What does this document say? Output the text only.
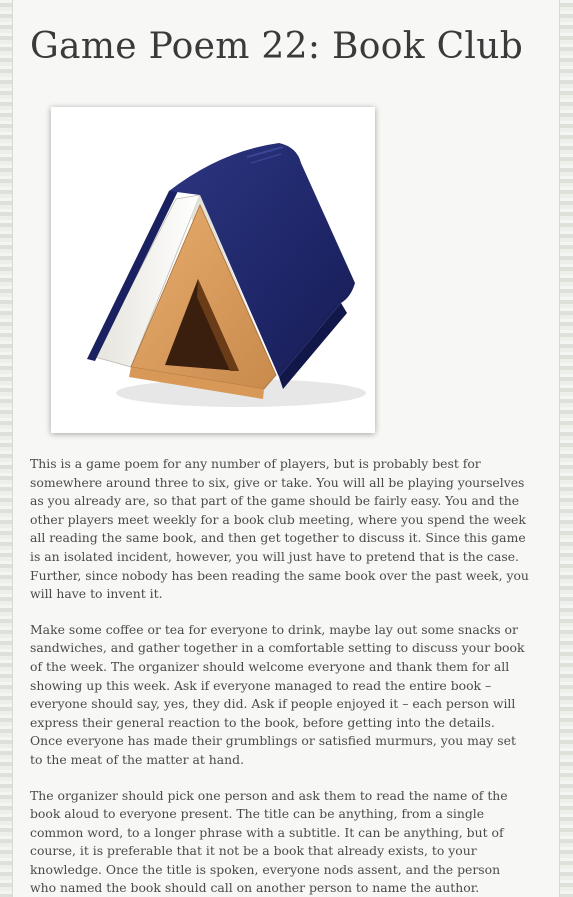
Game Poem 22: Book Club

This is a game poem for any number of players, but is probably best for somewhere around three to six, give or take. You will all be playing yourselves as you already are, so that part of the game should be fairly easy. You and the other players meet weekly for a book club meeting, where you spend the week all reading the same book, and then get together to discuss it. Since this game is an isolated incident, however, you will just have to pretend that is the case. Further, since nobody has been reading the same book over the past week, you will have to invent it.

Make some coffee or tea for everyone to drink, maybe lay out some snacks or sandwiches, and gather together in a comfortable setting to discuss your book of the week. The organizer should welcome everyone and thank them for all showing up this week. Ask if everyone managed to read the entire book – everyone should say, yes, they did. Ask if people enjoyed it – each person will express their general reaction to the book, before getting into the details. Once everyone has made their grumblings or satisfied murmurs, you may set to the meat of the matter at hand.

The organizer should pick one person and ask them to read the name of the book aloud to everyone present. The title can be anything, from a single common word, to a longer phrase with a subtitle. It can be anything, but of course, it is preferable that it not be a book that already exists, to your knowledge. Once the title is spoken, everyone nods assent, and the person who named the book should call on another person to name the author.
